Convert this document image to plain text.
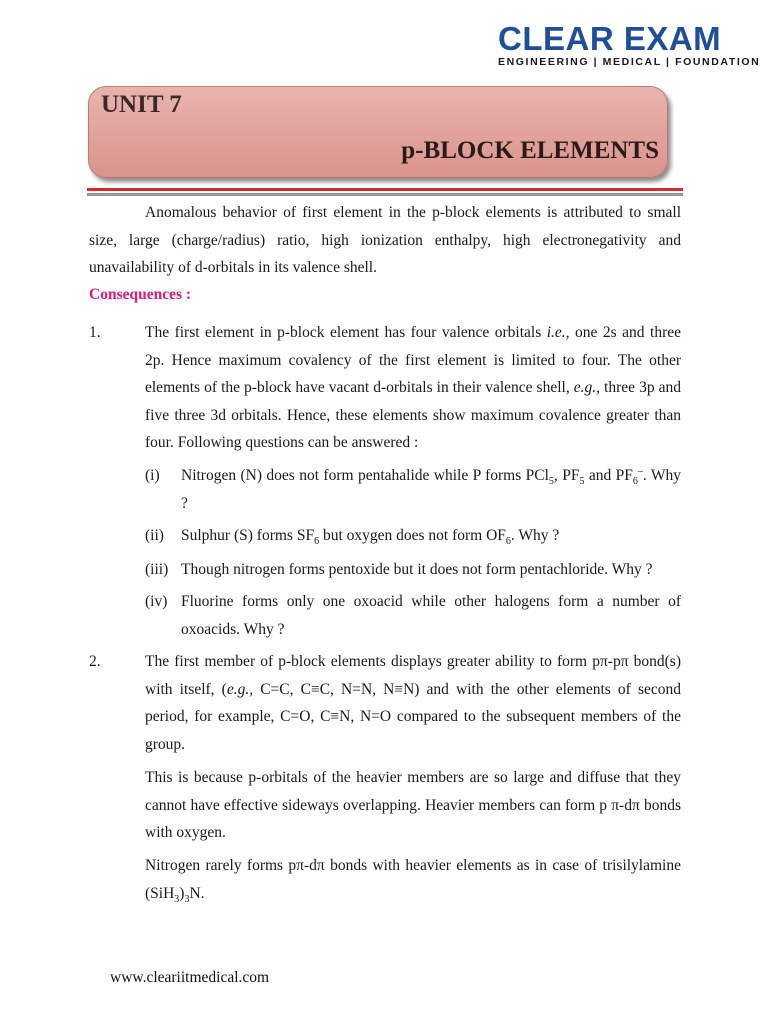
CLEAR EXAM
ENGINEERING | MEDICAL | FOUNDATION
UNIT 7
p-BLOCK ELEMENTS
Anomalous behavior of first element in the p-block elements is attributed to small size, large (charge/radius) ratio, high ionization enthalpy, high electronegativity and unavailability of d-orbitals in its valence shell.
Consequences :
1.	The first element in p-block element has four valence orbitals i.e., one 2s and three 2p. Hence maximum covalency of the first element is limited to four. The other elements of the p-block have vacant d-orbitals in their valence shell, e.g., three 3p and five three 3d orbitals. Hence, these elements show maximum covalence greater than four. Following questions can be answered :
(i) Nitrogen (N) does not form pentahalide while P forms PCl$_5$, $PF_5$ and $PF_6^-$. Why ?
(ii) Sulphur (S) forms $SF_6$ but oxygen does not form $OF_6$. Why ?
(iii) Though nitrogen forms pentoxide but it does not form pentachloride. Why ?
(iv) Fluorine forms only one oxoacid while other halogens form a number of oxoacids. Why ?
2.	The first member of p-block elements displays greater ability to form pπ-pπ bond(s) with itself, (e.g., C=C, C≡C, N=N, N≡N) and with the other elements of second period, for example, C=O, C≡N, N=O compared to the subsequent members of the group.
This is because p-orbitals of the heavier members are so large and diffuse that they cannot have effective sideways overlapping. Heavier members can form p π-dπ bonds with oxygen.
Nitrogen rarely forms pπ-dπ bonds with heavier elements as in case of trisilylamine $(SiH_3)_3N$.
www.cleariitmedical.com
